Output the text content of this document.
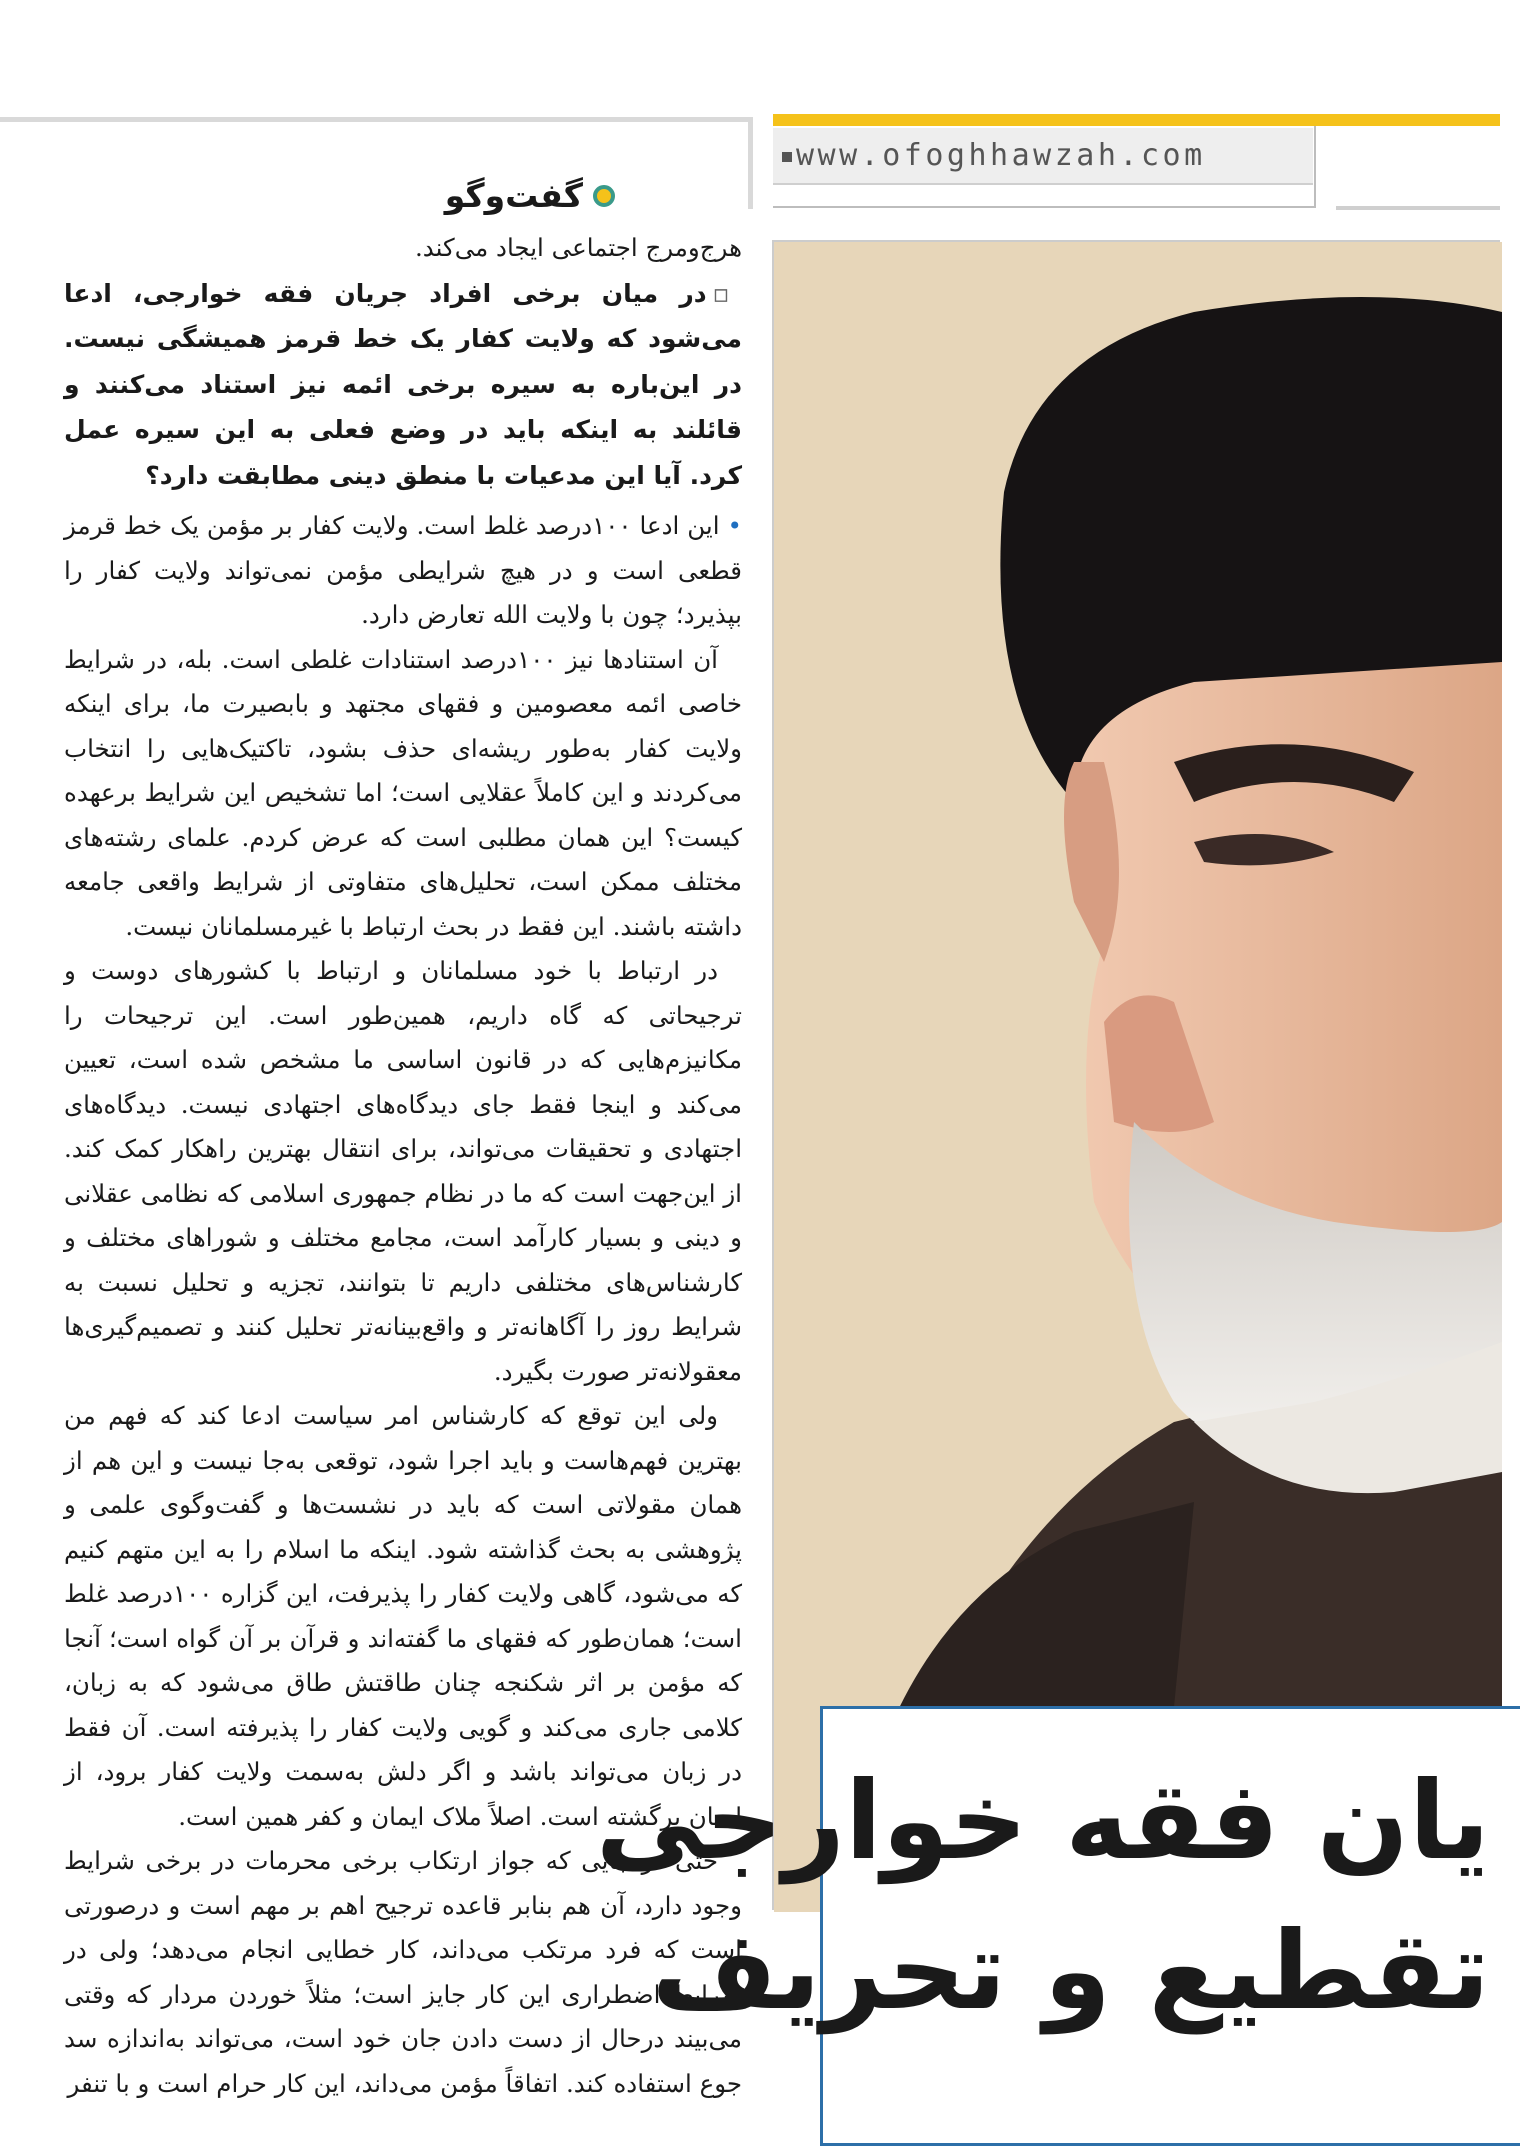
www.ofoghhawzah.com
گفت‌وگو

هرج‌ومرج اجتماعی ایجاد می‌کند.

▫در میان برخی افراد جریان فقه خوارجی، ادعا می‌شود که ولایت کفار یک خط قرمز همیشگی نیست. در این‌باره به سیره برخی ائمه نیز استناد می‌کنند و قائلند به اینکه باید در وضع فعلی به این سیره عمل کرد. آیا این مدعیات با منطق دینی مطابقت دارد؟

•این ادعا ۱۰۰درصد غلط است. ولایت کفار بر مؤمن یک خط قرمز قطعی است و در هیچ شرایطی مؤمن نمی‌تواند ولایت کفار را بپذیرد؛ چون با ولایت الله تعارض دارد.

آن استنادها نیز ۱۰۰درصد استنادات غلطی است. بله، در شرایط خاصی ائمه معصومین و فقهای مجتهد و بابصیرت ما، برای اینکه ولایت کفار به‌طور ریشه‌ای حذف بشود، تاکتیک‌هایی را انتخاب می‌کردند و این کاملاً عقلایی است؛ اما تشخیص این شرایط برعهده کیست؟ این همان مطلبی است که عرض کردم. علمای رشته‌های مختلف ممکن است، تحلیل‌های متفاوتی از شرایط واقعی جامعه داشته باشند. این فقط در بحث ارتباط با غیرمسلمانان نیست.

در ارتباط با خود مسلمانان و ارتباط با کشورهای دوست و ترجیحاتی که گاه داریم، همین‌طور است. این ترجیحات را مکانیزم‌هایی که در قانون اساسی ما مشخص شده است، تعیین می‌کند و اینجا فقط جای دیدگاه‌های اجتهادی نیست. دیدگاه‌های اجتهادی و تحقیقات می‌تواند، برای انتقال بهترین راهکار کمک کند. از این‌جهت است که ما در نظام جمهوری اسلامی که نظامی عقلانی و دینی و بسیار کارآمد است، مجامع مختلف و شوراهای مختلف و کارشناس‌های مختلفی داریم تا بتوانند، تجزیه و تحلیل نسبت به شرایط روز را آگاهانه‌تر و واقع‌بینانه‌تر تحلیل کنند و تصمیم‌گیری‌ها معقولانه‌تر صورت بگیرد.

ولی این توقع که کارشناس امر سیاست ادعا کند که فهم من بهترین فهم‌هاست و باید اجرا شود، توقعی به‌جا نیست و این هم از همان مقولاتی است که باید در نشست‌ها و گفت‌وگوی علمی و پژوهشی به بحث گذاشته شود. اینکه ما اسلام را به این متهم کنیم که می‌شود، گاهی ولایت کفار را پذیرفت، این گزاره ۱۰۰درصد غلط است؛ همان‌طور که فقهای ما گفته‌اند و قرآن بر آن گواه است؛ آنجا که مؤمن بر اثر شکنجه چنان طاقتش طاق می‌شود که به زبان، کلامی جاری می‌کند و گویی ولایت کفار را پذیرفته است. آن فقط در زبان می‌تواند باشد و اگر دلش به‌سمت ولایت کفار برود، از ایمان برگشته است. اصلاً ملاک ایمان و کفر همین است.

حتی در جایی که جواز ارتکاب برخی محرمات در برخی شرایط وجود دارد، آن هم بنابر قاعده ترجیح اهم بر مهم است و درصورتی است که فرد مرتکب می‌داند، کار خطایی انجام می‌دهد؛ ولی در شرایط اضطراری این کار جایز است؛ مثلاً خوردن مردار که وقتی می‌بیند درحال از دست دادن جان خود است، می‌تواند به‌اندازه سد جوع استفاده کند. اتفاقاً مؤمن می‌داند، این کار حرام است و با تنفر

یان فقه خوارجی
تقطیع و تحریف
